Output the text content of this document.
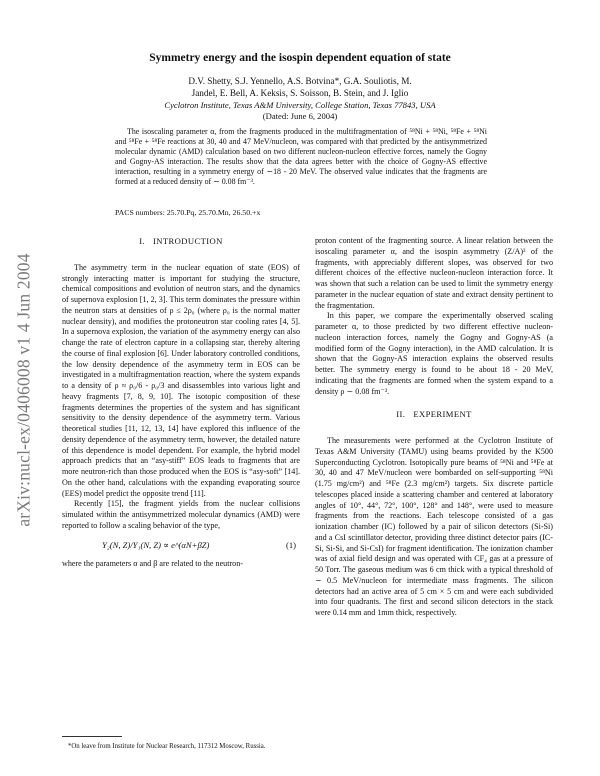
arXiv:nucl-ex/0406008 v1 4 Jun 2004
Symmetry energy and the isospin dependent equation of state
D.V. Shetty, S.J. Yennello, A.S. Botvina*, G.A. Souliotis, M.
Jandel, E. Bell, A. Keksis, S. Soisson, B. Stein, and J. Iglio
Cyclotron Institute, Texas A&M University, College Station, Texas 77843, USA
(Dated: June 6, 2004)
The isoscaling parameter α, from the fragments produced in the multifragmentation of ⁵⁸Ni + ⁵⁸Ni, ⁵⁸Fe + ⁵⁸Ni and ⁵⁸Fe + ⁵⁸Fe reactions at 30, 40 and 47 MeV/nucleon, was compared with that predicted by the antisymmetrized molecular dynamic (AMD) calculation based on two different nucleon-nucleon effective forces, namely the Gogny and Gogny-AS interaction. The results show that the data agrees better with the choice of Gogny-AS effective interaction, resulting in a symmetry energy of ∼18 - 20 MeV. The observed value indicates that the fragments are formed at a reduced density of ∼ 0.08 fm⁻³.
PACS numbers: 25.70.Pq, 25.70.Mn, 26.50.+x
I. INTRODUCTION

The asymmetry term in the nuclear equation of state (EOS) of strongly interacting matter is important for studying the structure, chemical compositions and evolution of neutron stars, and the dynamics of supernova explosion [1, 2, 3]. This term dominates the pressure within the neutron stars at densities of ρ ≤ 2ρ₀ (where ρ₀ is the normal matter nuclear density), and modifies the protoneutron star cooling rates [4, 5]. In a supernova explosion, the variation of the asymmetry energy can also change the rate of electron capture in a collapsing star, thereby altering the course of final explosion [6]. Under laboratory controlled conditions, the low density dependence of the asymmetry term in EOS can be investigated in a multifragmentation reaction, where the system expands to a density of ρ ≈ ρ₀/6 - ρ₀/3 and disassembles into various light and heavy fragments [7, 8, 9, 10]. The isotopic composition of these fragments determines the properties of the system and has significant sensitivity to the density dependence of the asymmetry term. Various theoretical studies [11, 12, 13, 14] have explored this influence of the density dependence of the asymmetry term, however, the detailed nature of this dependence is model dependent. For example, the hybrid model approach predicts that an “asy-stiff” EOS leads to fragments that are more neutron-rich than those produced when the EOS is “asy-soft” [14]. On the other hand, calculations with the expanding evaporating source (EES) model predict the opposite trend [11].

Recently [15], the fragment yields from the nuclear collisions simulated within the antisymmetrized molecular dynamics (AMD) were reported to follow a scaling behavior of the type,

Y₂(N, Z)/Y₁(N, Z) ∝ e^(αN+βZ)	(1)

where the parameters α and β are related to the neutron-

proton content of the fragmenting source. A linear relation between the isoscaling parameter α, and the isospin asymmetry (Z/A)² of the fragments, with appreciably different slopes, was observed for two different choices of the effective nucleon-nucleon interaction force. It was shown that such a relation can be used to limit the symmetry energy parameter in the nuclear equation of state and extract density pertinent to the fragmentation.

In this paper, we compare the experimentally observed scaling parameter α, to those predicted by two different effective nucleon-nucleon interaction forces, namely the Gogny and Gogny-AS (a modified form of the Gogny interaction), in the AMD calculation. It is shown that the Gogny-AS interaction explains the observed results better. The symmetry energy is found to be about 18 - 20 MeV, indicating that the fragments are formed when the system expand to a density ρ ∼ 0.08 fm⁻³.

II. EXPERIMENT

The measurements were performed at the Cyclotron Institute of Texas A&M University (TAMU) using beams provided by the K500 Superconducting Cyclotron. Isotopically pure beams of ⁵⁸Ni and ⁵⁸Fe at 30, 40 and 47 MeV/nucleon were bombarded on self-supporting ⁵⁸Ni (1.75 mg/cm²) and ⁵⁸Fe (2.3 mg/cm²) targets. Six discrete particle telescopes placed inside a scattering chamber and centered at laboratory angles of 10°, 44°, 72°, 100°, 128° and 148°, were used to measure fragments from the reactions. Each telescope consisted of a gas ionization chamber (IC) followed by a pair of silicon detectors (Si-Si) and a CsI scintillator detector, providing three distinct detector pairs (IC-Si, Si-Si, and Si-CsI) for fragment identification. The ionization chamber was of axial field design and was operated with CF₄ gas at a pressure of 50 Torr. The gaseous medium was 6 cm thick with a typical threshold of ∼ 0.5 MeV/nucleon for intermediate mass fragments. The silicon detectors had an active area of 5 cm × 5 cm and were each subdivided into four quadrants. The first and second silicon detectors in the stack were 0.14 mm and 1mm thick, respectively.

*On leave from Institute for Nuclear Research, 117312 Moscow, Russia.
